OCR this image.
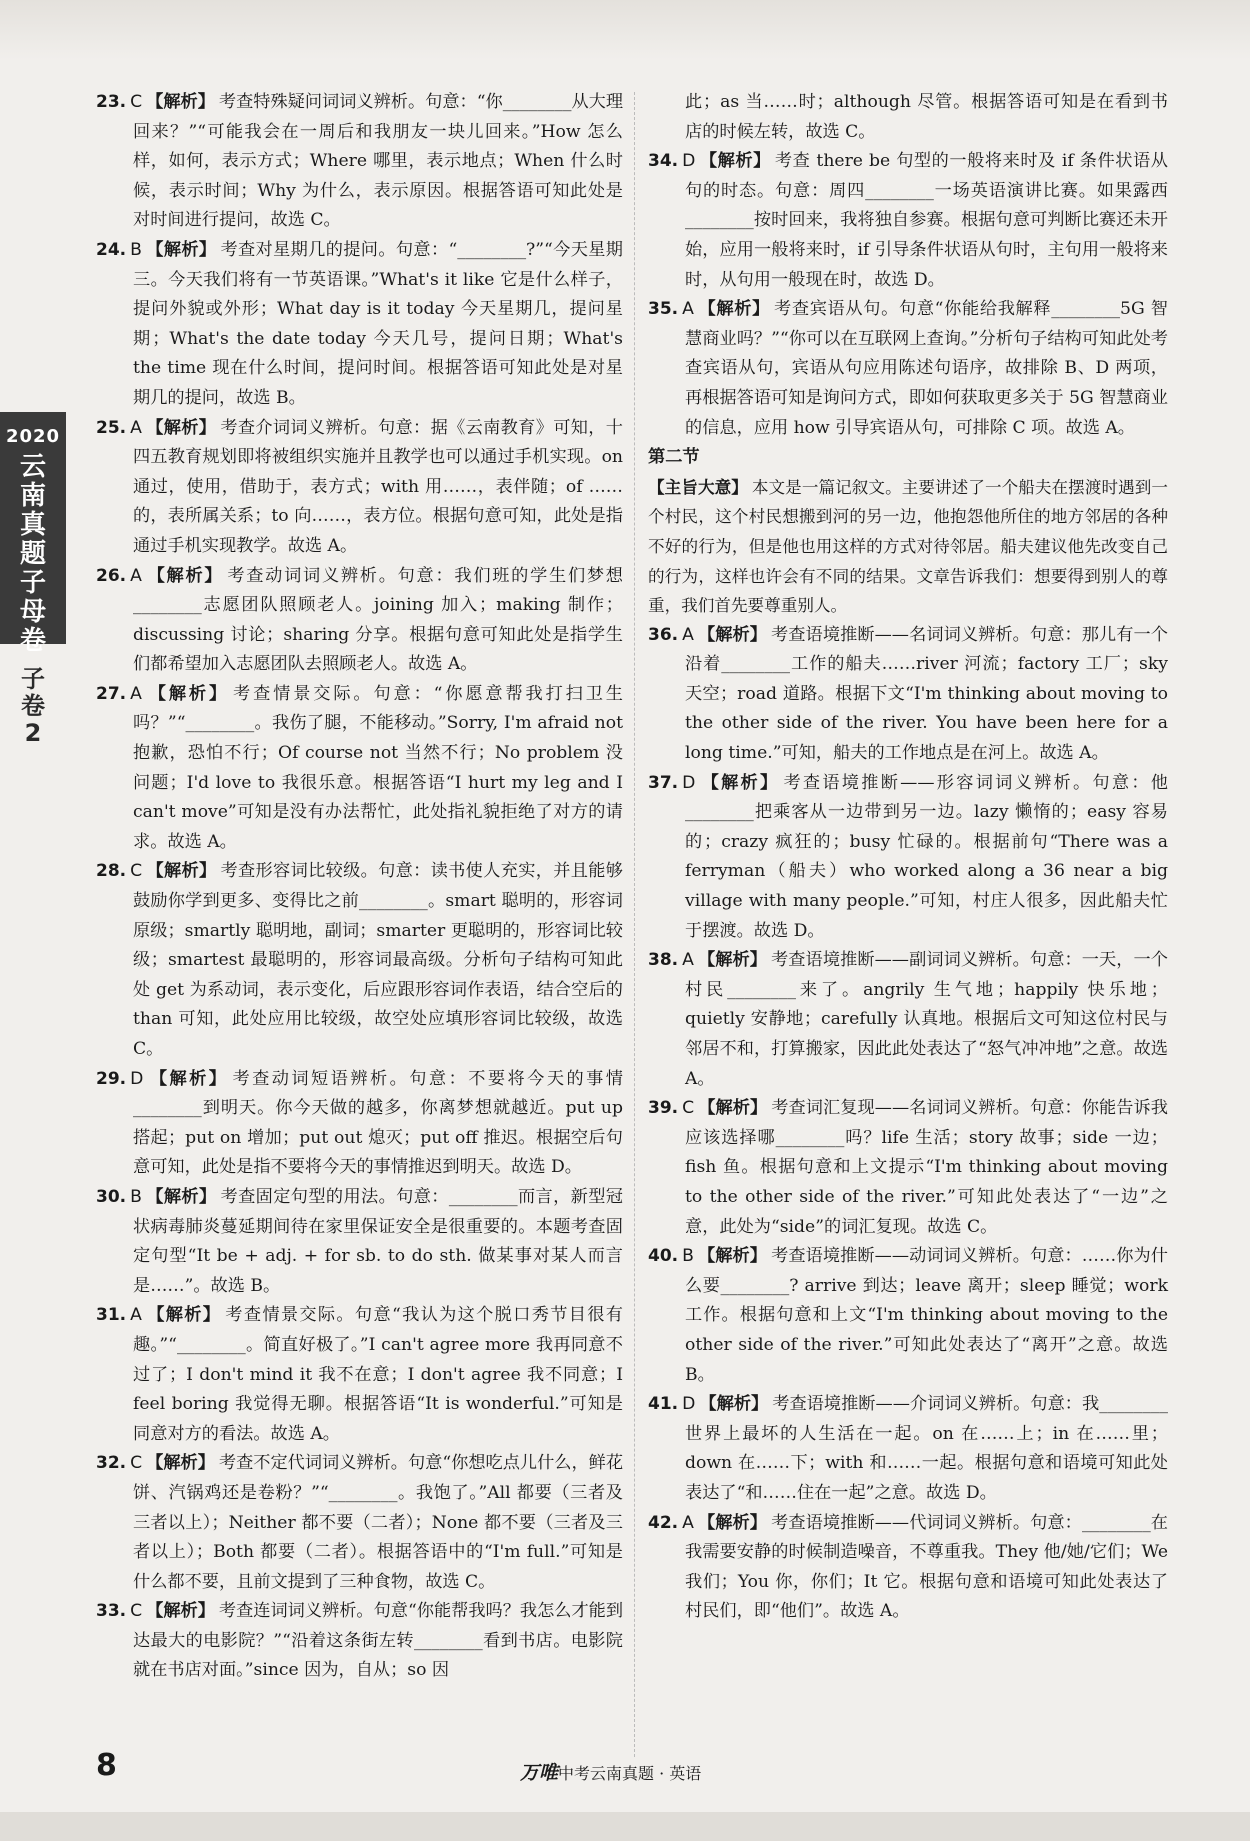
2020
云
南
真
题
子
母
卷
子
卷
2

23. C 【解析】 考查特殊疑问词词义辨析。句意：“你________从大理回来？”“可能我会在一周后和我朋友一块儿回来。”How 怎么样，如何，表示方式；Where 哪里，表示地点；When 什么时候，表示时间；Why 为什么，表示原因。根据答语可知此处是对时间进行提问，故选 C。

24. B 【解析】 考查对星期几的提问。句意：“________?”“今天星期三。今天我们将有一节英语课。”What's it like 它是什么样子，提问外貌或外形；What day is it today 今天星期几，提问星期；What's the date today 今天几号，提问日期；What's the time 现在什么时间，提问时间。根据答语可知此处是对星期几的提问，故选 B。

25. A 【解析】 考查介词词义辨析。句意：据《云南教育》可知，十四五教育规划即将被组织实施并且教学也可以通过手机实现。on 通过，使用，借助于，表方式；with 用……，表伴随；of ……的，表所属关系；to 向……，表方位。根据句意可知，此处是指通过手机实现教学。故选 A。

26. A 【解析】 考查动词词义辨析。句意：我们班的学生们梦想________志愿团队照顾老人。joining 加入；making 制作；discussing 讨论；sharing 分享。根据句意可知此处是指学生们都希望加入志愿团队去照顾老人。故选 A。

27. A 【解析】 考查情景交际。句意：“你愿意帮我打扫卫生吗？”“________。我伤了腿，不能移动。”Sorry, I'm afraid not 抱歉，恐怕不行；Of course not 当然不行；No problem 没问题；I'd love to 我很乐意。根据答语“I hurt my leg and I can't move”可知是没有办法帮忙，此处指礼貌拒绝了对方的请求。故选 A。

28. C 【解析】 考查形容词比较级。句意：读书使人充实，并且能够鼓励你学到更多、变得比之前________。smart 聪明的，形容词原级；smartly 聪明地，副词；smarter 更聪明的，形容词比较级；smartest 最聪明的，形容词最高级。分析句子结构可知此处 get 为系动词，表示变化，后应跟形容词作表语，结合空后的 than 可知，此处应用比较级，故空处应填形容词比较级，故选 C。

29. D 【解析】 考查动词短语辨析。句意：不要将今天的事情________到明天。你今天做的越多，你离梦想就越近。put up 搭起；put on 增加；put out 熄灭；put off 推迟。根据空后句意可知，此处是指不要将今天的事情推迟到明天。故选 D。

30. B 【解析】 考查固定句型的用法。句意：________而言，新型冠状病毒肺炎蔓延期间待在家里保证安全是很重要的。本题考查固定句型“It be + adj. + for sb. to do sth. 做某事对某人而言是……”。故选 B。

31. A 【解析】 考查情景交际。句意“我认为这个脱口秀节目很有趣。”“________。简直好极了。”I can't agree more 我再同意不过了；I don't mind it 我不在意；I don't agree 我不同意；I feel boring 我觉得无聊。根据答语“It is wonderful.”可知是同意对方的看法。故选 A。

32. C 【解析】 考查不定代词词义辨析。句意“你想吃点儿什么，鲜花饼、汽锅鸡还是卷粉？”“________。我饱了。”All 都要（三者及三者以上）；Neither 都不要（二者）；None 都不要（三者及三者以上）；Both 都要（二者）。根据答语中的“I'm full.”可知是什么都不要，且前文提到了三种食物，故选 C。

33. C 【解析】 考查连词词义辨析。句意“你能帮我吗？我怎么才能到达最大的电影院？”“沿着这条街左转________看到书店。电影院就在书店对面。”since 因为，自从；so 因

此；as 当……时；although 尽管。根据答语可知是在看到书店的时候左转，故选 C。

34. D 【解析】 考查 there be 句型的一般将来时及 if 条件状语从句的时态。句意：周四________一场英语演讲比赛。如果露西________按时回来，我将独自参赛。根据句意可判断比赛还未开始，应用一般将来时，if 引导条件状语从句时，主句用一般将来时，从句用一般现在时，故选 D。

35. A 【解析】 考查宾语从句。句意“你能给我解释________5G 智慧商业吗？”“你可以在互联网上查询。”分析句子结构可知此处考查宾语从句，宾语从句应用陈述句语序，故排除 B、D 两项，再根据答语可知是询问方式，即如何获取更多关于 5G 智慧商业的信息，应用 how 引导宾语从句，可排除 C 项。故选 A。

第二节

【主旨大意】 本文是一篇记叙文。主要讲述了一个船夫在摆渡时遇到一个村民，这个村民想搬到河的另一边，他抱怨他所住的地方邻居的各种不好的行为，但是他也用这样的方式对待邻居。船夫建议他先改变自己的行为，这样也许会有不同的结果。文章告诉我们：想要得到别人的尊重，我们首先要尊重别人。

36. A 【解析】 考查语境推断——名词词义辨析。句意：那儿有一个沿着________工作的船夫……river 河流；factory 工厂；sky 天空；road 道路。根据下文“I'm thinking about moving to the other side of the river. You have been here for a long time.”可知，船夫的工作地点是在河上。故选 A。

37. D 【解析】 考查语境推断——形容词词义辨析。句意：他________把乘客从一边带到另一边。lazy 懒惰的；easy 容易的；crazy 疯狂的；busy 忙碌的。根据前句“There was a ferryman（船夫）who worked along a 36 near a big village with many people.”可知，村庄人很多，因此船夫忙于摆渡。故选 D。

38. A 【解析】 考查语境推断——副词词义辨析。句意：一天，一个村民________来了。angrily 生气地；happily 快乐地；quietly 安静地；carefully 认真地。根据后文可知这位村民与邻居不和，打算搬家，因此此处表达了“怒气冲冲地”之意。故选 A。

39. C 【解析】 考查词汇复现——名词词义辨析。句意：你能告诉我应该选择哪________吗？life 生活；story 故事；side 一边；fish 鱼。根据句意和上文提示“I'm thinking about moving to the other side of the river.”可知此处表达了“一边”之意，此处为“side”的词汇复现。故选 C。

40. B 【解析】 考查语境推断——动词词义辨析。句意：……你为什么要________? arrive 到达；leave 离开；sleep 睡觉；work 工作。根据句意和上文“I'm thinking about moving to the other side of the river.”可知此处表达了“离开”之意。故选 B。

41. D 【解析】 考查语境推断——介词词义辨析。句意：我________世界上最坏的人生活在一起。on 在……上；in 在……里；down 在……下；with 和……一起。根据句意和语境可知此处表达了“和……住在一起”之意。故选 D。

42. A 【解析】 考查语境推断——代词词义辨析。句意：________在我需要安静的时候制造噪音，不尊重我。They 他/她/它们；We 我们；You 你，你们；It 它。根据句意和语境可知此处表达了村民们，即“他们”。故选 A。

8	万唯中考云南真题 · 英语
